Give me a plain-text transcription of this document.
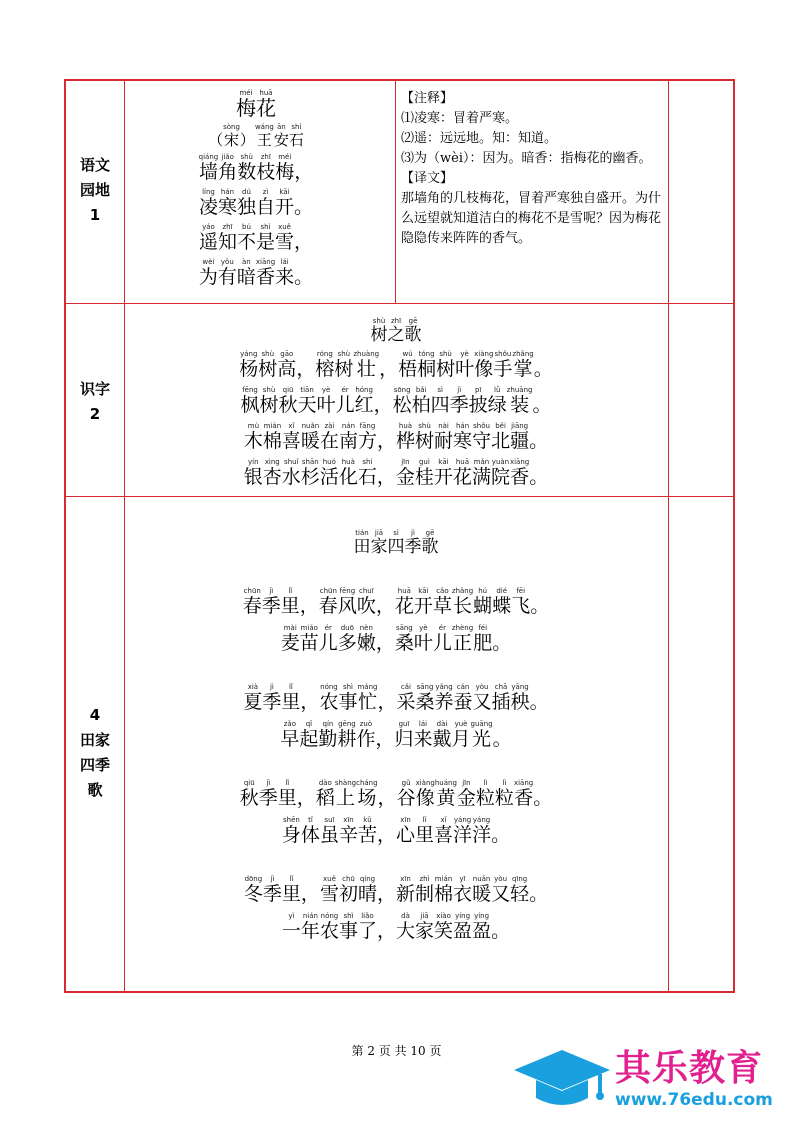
语文
园地
1
识字
2
4
田家
四季
歌
梅méi花huā
（ 宋sòng） 王wáng安ān石shí
墙qiáng角jiǎo数shù枝zhī梅méi，
凌líng寒hán独dú自zì开kāi。
遥yáo知zhī不bú是shì雪xuě，
为wèi有yǒu暗àn香xiāng来lái。

【注释】

⑴凌寒：冒着严寒。

⑵遥：远远地。知：知道。

⑶为（wèi）：因为。暗香：指梅花的幽香。

【译文】

那墙角的几枝梅花，冒着严寒独自盛开。为什么远望就知道洁白的梅花不是雪呢？因为梅花隐隐传来阵阵的香气。

树shù之zhī歌gē
杨yáng树shù高gāo， 榕róng树shù壮zhuàng， 梧wú桐tóng树shù叶yè像xiàng手shǒu掌zhǎng。
枫fēng树shù秋qiū天tiān叶yè儿ér红hóng， 松sōng柏bǎi四sì季jì披pī绿lǜ装zhuāng。
木mù棉mián喜xǐ暖nuǎn在zài南nán方fāng， 桦huà树shù耐nài寒hán守shǒu北běi疆jiāng。
银yín杏xìng水shuǐ杉shān活huó化huà石shí， 金jīn桂guì开kāi花huā满mǎn院yuàn香xiāng。
田tián家jiā四sì季jì歌gē
春chūn季jì里lǐ， 春chūn风fēng吹chuī， 花huā开kāi草cǎo长zhǎng蝴hú蝶dié飞fēi。
麦mài苗miáo儿ér多duō嫩nèn， 桑sāng叶yè儿ér正zhèng肥féi。
夏xià季jì里lǐ， 农nóng事shì忙máng， 采cǎi桑sāng养yǎng蚕cán又yòu插chā秧yāng。
早zǎo起qǐ勤qín耕gēng作zuò， 归guī来lái戴dài月yuè光guāng。
秋qiū季jì里lǐ， 稻dào上shàng场cháng， 谷gǔ像xiàng黄huáng金jīn粒lì粒lì香xiāng。
身shēn体tǐ虽suī辛xīn苦kǔ， 心xīn里lǐ喜xǐ洋yáng洋yáng。
冬dōng季jì里lǐ， 雪xuě初chū晴qíng， 新xīn制zhì棉mián衣yī暖nuǎn又yòu轻qīng。
一yì年nián农nóng事shì了liǎo， 大dà家jiā笑xiào盈yíng盈yíng。
第 2 页 共 10 页	其乐教育
www.76edu.com
